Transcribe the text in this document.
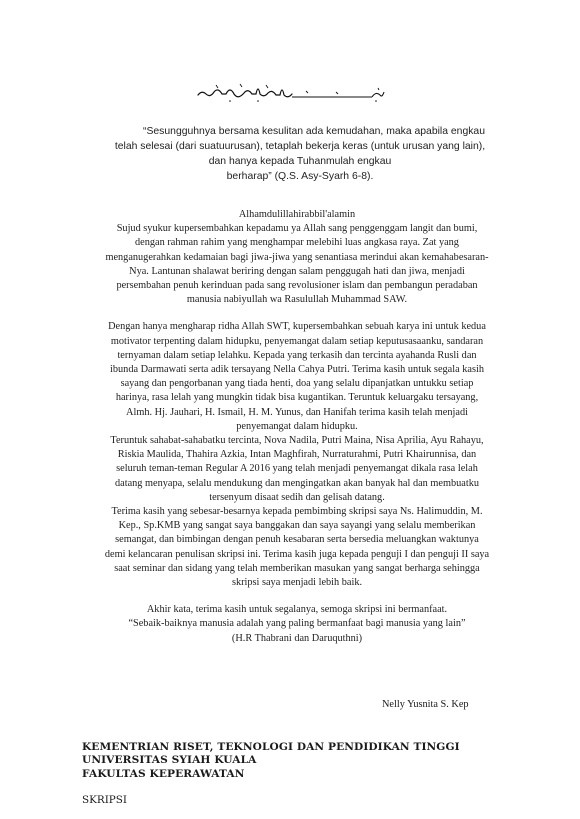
“Sesungguhnya bersama kesulitan ada kemudahan, maka apabila engkau
telah selesai (dari suatuurusan), tetaplah bekerja keras (untuk urusan yang lain),
dan hanya kepada Tuhanmulah engkau
berharap” (Q.S. Asy-Syarh 6-8).
Alhamdulillahirabbil'alamin
Sujud syukur kupersembahkan kepadamu ya Allah sang penggenggam langit dan bumi,
dengan rahman rahim yang menghampar melebihi luas angkasa raya. Zat yang
menganugerahkan kedamaian bagi jiwa-jiwa yang senantiasa merindui akan kemahabesaran-
Nya. Lantunan shalawat beriring dengan salam penggugah hati dan jiwa, menjadi
persembahan penuh kerinduan pada sang revolusioner islam dan pembangun peradaban
manusia nabiyullah wa Rasulullah Muhammad SAW.
Dengan hanya mengharap ridha Allah SWT, kupersembahkan sebuah karya ini untuk kedua
motivator terpenting dalam hidupku, penyemangat dalam setiap keputusasaanku, sandaran
ternyaman dalam setiap lelahku. Kepada yang terkasih dan tercinta ayahanda Rusli dan
ibunda Darmawati serta adik tersayang Nella Cahya Putri. Terima kasih untuk segala kasih
sayang dan pengorbanan yang tiada henti, doa yang selalu dipanjatkan untukku setiap
harinya, rasa lelah yang mungkin tidak bisa kugantikan. Teruntuk keluargaku tersayang,
Almh. Hj. Jauhari, H. Ismail, H. M. Yunus, dan Hanifah terima kasih telah menjadi
penyemangat dalam hidupku.
Teruntuk sahabat-sahabatku tercinta, Nova Nadila, Putri Maina, Nisa Aprilia, Ayu Rahayu,
Riskia Maulida, Thahira Azkia, Intan Maghfirah, Nurraturahmi, Putri Khairunnisa, dan
seluruh teman-teman Regular A 2016 yang telah menjadi penyemangat dikala rasa lelah
datang menyapa, selalu mendukung dan mengingatkan akan banyak hal dan membuatku
tersenyum disaat sedih dan gelisah datang.
Terima kasih yang sebesar-besarnya kepada pembimbing skripsi saya Ns. Halimuddin, M.
Kep., Sp.KMB yang sangat saya banggakan dan saya sayangi yang selalu memberikan
semangat, dan bimbingan dengan penuh kesabaran serta bersedia meluangkan waktunya
demi kelancaran penulisan skripsi ini. Terima kasih juga kepada penguji I dan penguji II saya
saat seminar dan sidang yang telah memberikan masukan yang sangat berharga sehingga
skripsi saya menjadi lebih baik.
Akhir kata, terima kasih untuk segalanya, semoga skripsi ini bermanfaat.
“Sebaik-baiknya manusia adalah yang paling bermanfaat bagi manusia yang lain”
(H.R Thabrani dan Daruquthni)
Nelly Yusnita S. Kep
KEMENTRIAN RISET, TEKNOLOGI DAN PENDIDIKAN TINGGI
UNIVERSITAS SYIAH KUALA
FAKULTAS KEPERAWATAN
SKRIPSI
